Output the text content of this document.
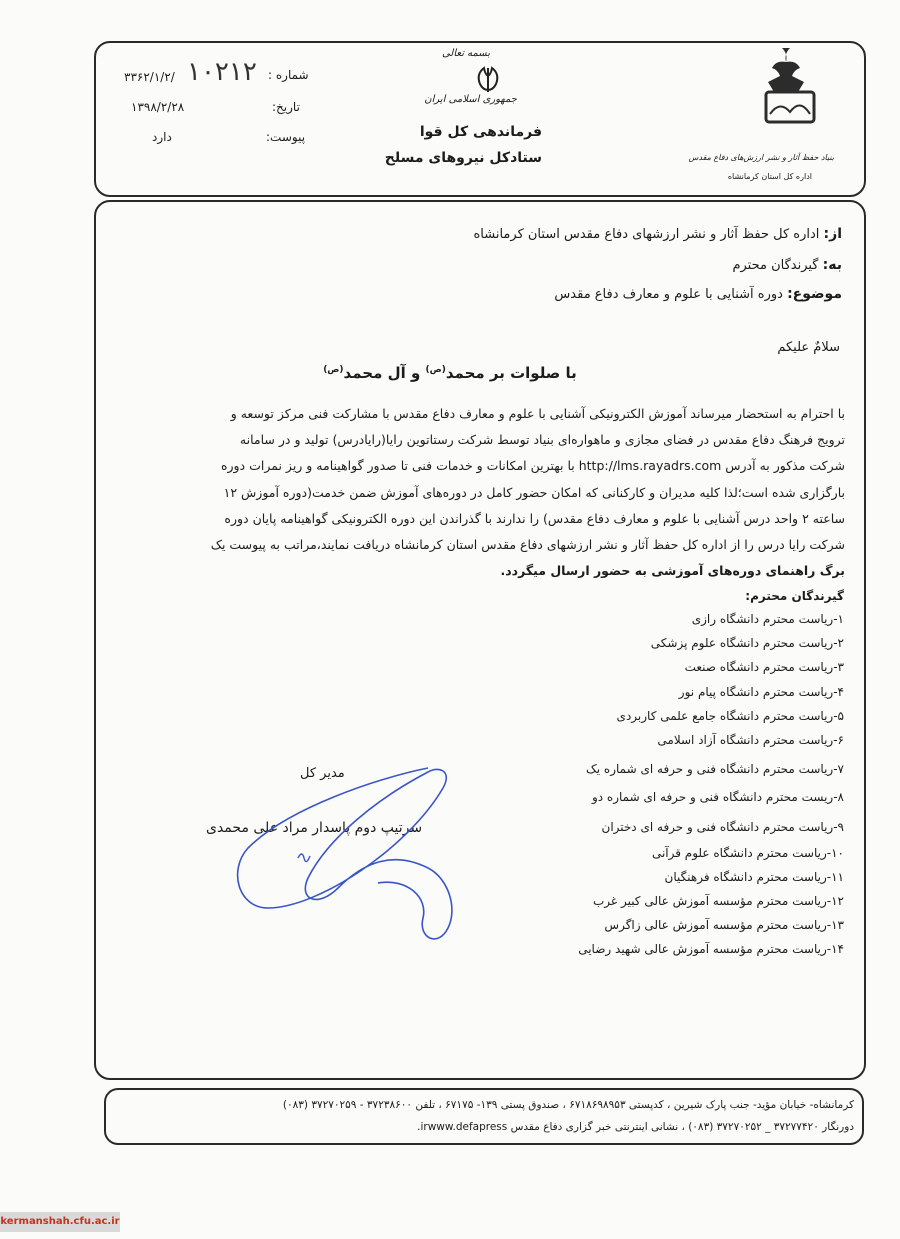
شماره :
۳۳۶۲/۱/۲/ ۱۰۲۱۲
تاریخ:
۱۳۹۸/۲/۲۸
پیوست:
دارد
بسمه تعالی
جمهوری اسلامی ایران
فرماندهی کل قوا
ستادکل نیروهای مسلح	بنیاد حفظ آثار و نشر ارزش‌های دفاع مقدس
اداره کل استان کرمانشاه
از: اداره کل حفظ آثار و نشر ارزشهای دفاع مقدس استان کرمانشاه
به: گیرندگان محترم
موضوع: دوره آشنایی با علوم و معارف دفاع مقدس
سلامٌ علیکم
با صلوات بر محمد$^{(ص)}$ و آل محمد$^{(ص)}$
با احترام به استحضار میرساند آموزش الکترونیکی آشنایی با علوم و معارف دفاع مقدس با مشارکت فنی مرکز توسعه و
ترویج فرهنگ دفاع مقدس در فضای مجازی و ماهواره‌ای بنیاد توسط شرکت رستاتوین رایا(رایادرس) تولید و در سامانه
شرکت مذکور به آدرس http://lms.rayadrs.com با بهترین امکانات و خدمات فنی تا صدور گواهینامه و ریز نمرات دوره
بارگزاری شده است؛لذا کلیه مدیران و کارکنانی که امکان حضور کامل در دوره‌های آموزش ضمن خدمت(دوره آموزش ۱۲
ساعته ۲ واحد درس آشنایی با علوم و معارف دفاع مقدس) را ندارند با گذراندن این دوره الکترونیکی گواهینامه پایان دوره
شرکت رایا درس را از اداره کل حفظ آثار و نشر ارزشهای دفاع مقدس استان کرمانشاه دریافت نمایند،مراتب به پیوست یک
برگ راهنمای دوره‌های آموزشی به حضور ارسال میگردد.
گیرندگان محترم:
۱-ریاست محترم دانشگاه رازی
۲-ریاست محترم دانشگاه علوم پزشکی
۳-ریاست محترم دانشگاه صنعت
۴-ریاست محترم دانشگاه پیام نور
۵-ریاست محترم دانشگاه جامع علمی کاربردی
۶-ریاست محترم دانشگاه آزاد اسلامی
۷-ریاست محترم دانشگاه فنی و حرفه ای شماره یک
۸-ریست محترم دانشگاه فنی و حرفه ای شماره دو
۹-ریاست محترم دانشگاه فنی و حرفه ای دختران
۱۰-ریاست محترم دانشگاه علوم قرآنی
۱۱-ریاست محترم دانشگاه فرهنگیان
۱۲-ریاست محترم مؤسسه آموزش عالی کبیر غرب
۱۳-ریاست محترم مؤسسه آموزش عالی زاگرس
۱۴-ریاست محترم مؤسسه آموزش عالی شهید رضایی
مدیر کل
سرتیپ دوم پاسدار مراد علی محمدی
کرمانشاه- خیابان مؤید- جنب پارک شیرین ، کدپستی ۶۷۱۸۶۹۸۹۵۳ ، صندوق پستی ۱۳۹- ۶۷۱۷۵ ، تلفن ۳۷۲۳۸۶۰۰ - ۳۷۲۷۰۲۵۹ (۰۸۳)
دورنگار ۳۷۲۷۷۴۲۰ _ ۳۷۲۷۰۲۵۲ (۰۸۳) ، نشانی اینترنتی خبر گزاری دفاع مقدس irwww.defapress.
kermanshah.cfu.ac.ir
